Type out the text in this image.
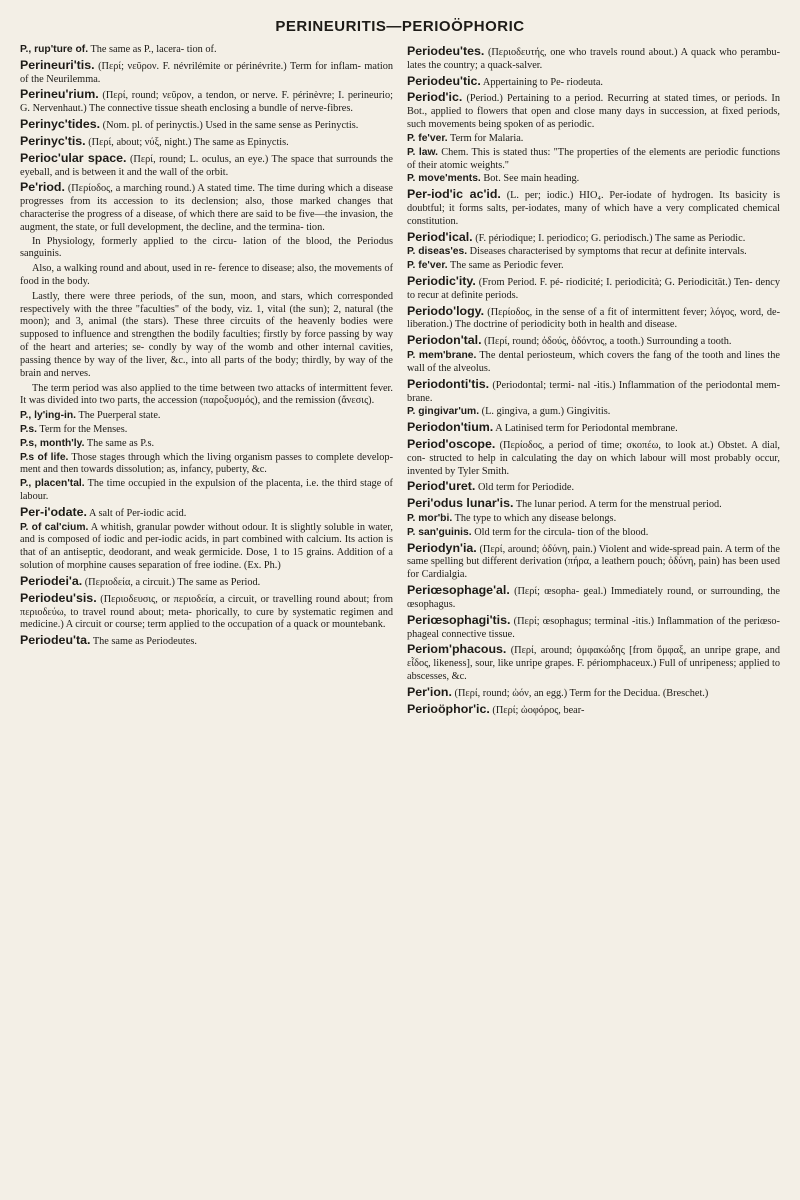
PERINEURITIS—PERIOÖPHORIC

P., rup'ture of. The same as P., lacera- tion of.

Perineuri'tis. (Περί; νεῦρον. F. névrilémite or périnévrite.) Term for inflam- mation of the Neurilemma.

Perineu'rium. (Περί, round; νεῦρον, a tendon, or nerve. F. périnèvre; I. perineurio; G. Nervenhaut.) The connective tissue sheath enclosing a bundle of nerve-fibres.

Perinyc'tides. (Nom. pl. of perinyctis.) Used in the same sense as Perinyctis.

Perinyc'tis. (Περί, about; νύξ, night.) The same as Epinyctis.

Perioc'ular space. (Περί, round; L. oculus, an eye.) The space that surrounds the eyeball, and is between it and the wall of the orbit.

Pe'riod. (Περίοδος, a marching round.) A stated time. The time during which a disease progresses from its accession to its declension; also, those marked changes that characterise the progress of a disease, of which there are said to be five—the invasion, the augment, the state, or full development, the decline, and the termina- tion.

In Physiology, formerly applied to the circu- lation of the blood, the Periodus sanguinis.

Also, a walking round and about, used in re- ference to disease; also, the movements of food in the body.

Lastly, there were three periods, of the sun, moon, and stars, which corresponded respectively with the three "faculties" of the body, viz. 1, vital (the sun); 2, natural (the moon); and 3, animal (the stars). These three circuits of the heavenly bodies were supposed to influence and strengthen the bodily faculties; firstly by force passing by way of the heart and arteries; se- condly by way of the womb and other internal cavities, passing thence by way of the liver, &c., into all parts of the body; thirdly, by way of the brain and nerves.

The term period was also applied to the time between two attacks of intermittent fever. It was divided into two parts, the accession (παροξυσμός), and the remission (ἄνεσις).

P., ly'ing-in. The Puerperal state.

P.s. Term for the Menses.

P.s, month'ly. The same as P.s.

P.s of life. Those stages through which the living organism passes to complete develop- ment and then towards dissolution; as, infancy, puberty, &c.

P., placen'tal. The time occupied in the expulsion of the placenta, i.e. the third stage of labour.

Per-i'odate. A salt of Per-iodic acid.

P. of cal'cium. A whitish, granular powder without odour. It is slightly soluble in water, and is composed of iodic and per-iodic acids, in part combined with calcium. Its action is that of an antiseptic, deodorant, and weak germicide. Dose, 1 to 15 grains. Addition of a solution of morphine causes separation of free iodine. (Ex. Ph.)

Periodei'a. (Περιοδεία, a circuit.) The same as Period.

Periodeu'sis. (Περιοδευσις, or περιοδεία, a circuit, or travelling round about; from περιοδεύω, to travel round about; meta- phorically, to cure by systematic regimen and medicine.) A circuit or course; term applied to the occupation of a quack or mountebank.

Periodeu'ta. The same as Periodeutes.

Periodeu'tes. (Περιοδευτής, one who travels round about.) A quack who perambu- lates the country; a quack-salver.

Periodeu'tic. Appertaining to Pe- riodeuta.

Period'ic. (Period.) Pertaining to a period. Recurring at stated times, or periods. In Bot., applied to flowers that open and close many days in succession, at fixed periods, such movements being spoken of as periodic.

P. fe'ver. Term for Malaria.

P. law. Chem. This is stated thus: "The properties of the elements are periodic functions of their atomic weights."

P. move'ments. Bot. See main heading.

Per-iod'ic ac'id. (L. per; iodic.) HIO₄. Per-iodate of hydrogen. Its basicity is doubtful; it forms salts, per-iodates, many of which have a very complicated chemical constitution.

Period'ical. (F. périodique; I. periodico; G. periodisch.) The same as Periodic.

P. diseas'es. Diseases characterised by symptoms that recur at definite intervals.

P. fe'ver. The same as Periodic fever.

Periodic'ity. (From Period. F. pé- riodicité; I. periodicità; G. Periodicität.) Ten- dency to recur at definite periods.

Periodo'logy. (Περίοδος, in the sense of a fit of intermittent fever; λόγος, word, de- liberation.) The doctrine of periodicity both in health and disease.

Periodon'tal. (Περί, round; ὀδούς, ὀδόντος, a tooth.) Surrounding a tooth.

P. mem'brane. The dental periosteum, which covers the fang of the tooth and lines the wall of the alveolus.

Periodonti'tis. (Periodontal; termi- nal -itis.) Inflammation of the periodontal mem- brane.

P. gingivar'um. (L. gingiva, a gum.) Gingivitis.

Periodon'tium. A Latinised term for Periodontal membrane.

Period'oscope. (Περίοδος, a period of time; σκοπέω, to look at.) Obstet. A dial, con- structed to help in calculating the day on which labour will most probably occur, invented by Tyler Smith.

Period'uret. Old term for Periodide.

Peri'odus lunar'is. The lunar period. A term for the menstrual period.

P. mor'bi. The type to which any disease belongs.

P. san'guinis. Old term for the circula- tion of the blood.

Periodyn'ia. (Περί, around; ὀδύνη, pain.) Violent and wide-spread pain. A term of the same spelling but different derivation (πήρα, a leathern pouch; ὀδύνη, pain) has been used for Cardialgia.

Periœsophage'al. (Περί; œsopha- geal.) Immediately round, or surrounding, the œsophagus.

Periœsophagi'tis. (Περί; œsophagus; terminal -itis.) Inflammation of the periœso- phageal connective tissue.

Periom'phacous. (Περί, around; ὀμφακώδης [from ὄμφαξ, an unripe grape, and εἶδος, likeness], sour, like unripe grapes. F. périomphaceux.) Full of unripeness; applied to abscesses, &c.

Per'ion. (Περί, round; ὠόν, an egg.) Term for the Decidua. (Breschet.)

Perioöphor'ic. (Περί; ὠοφόρος, bear-
